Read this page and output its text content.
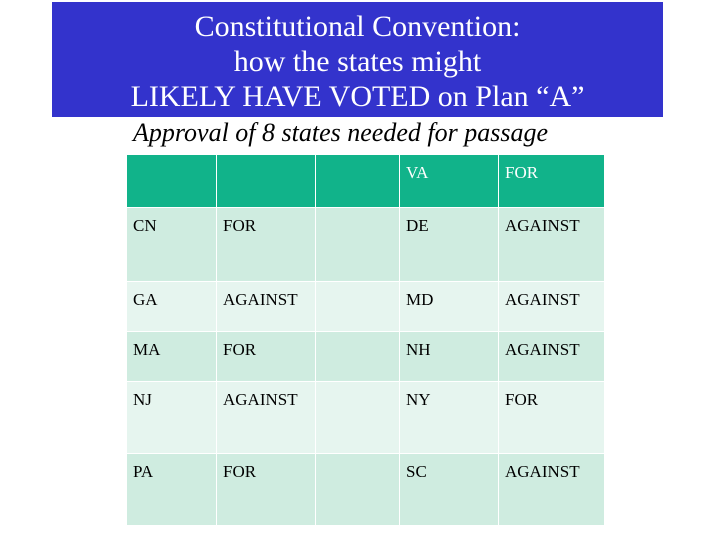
Constitutional Convention:
how the states might
LIKELY HAVE VOTED on Plan “A”
Approval of 8 states needed for passage
			VA	FOR
CN	FOR		DE	AGAINST
GA	AGAINST		MD	AGAINST
MA	FOR		NH	AGAINST
NJ	AGAINST		NY	FOR
PA	FOR		SC	AGAINST
